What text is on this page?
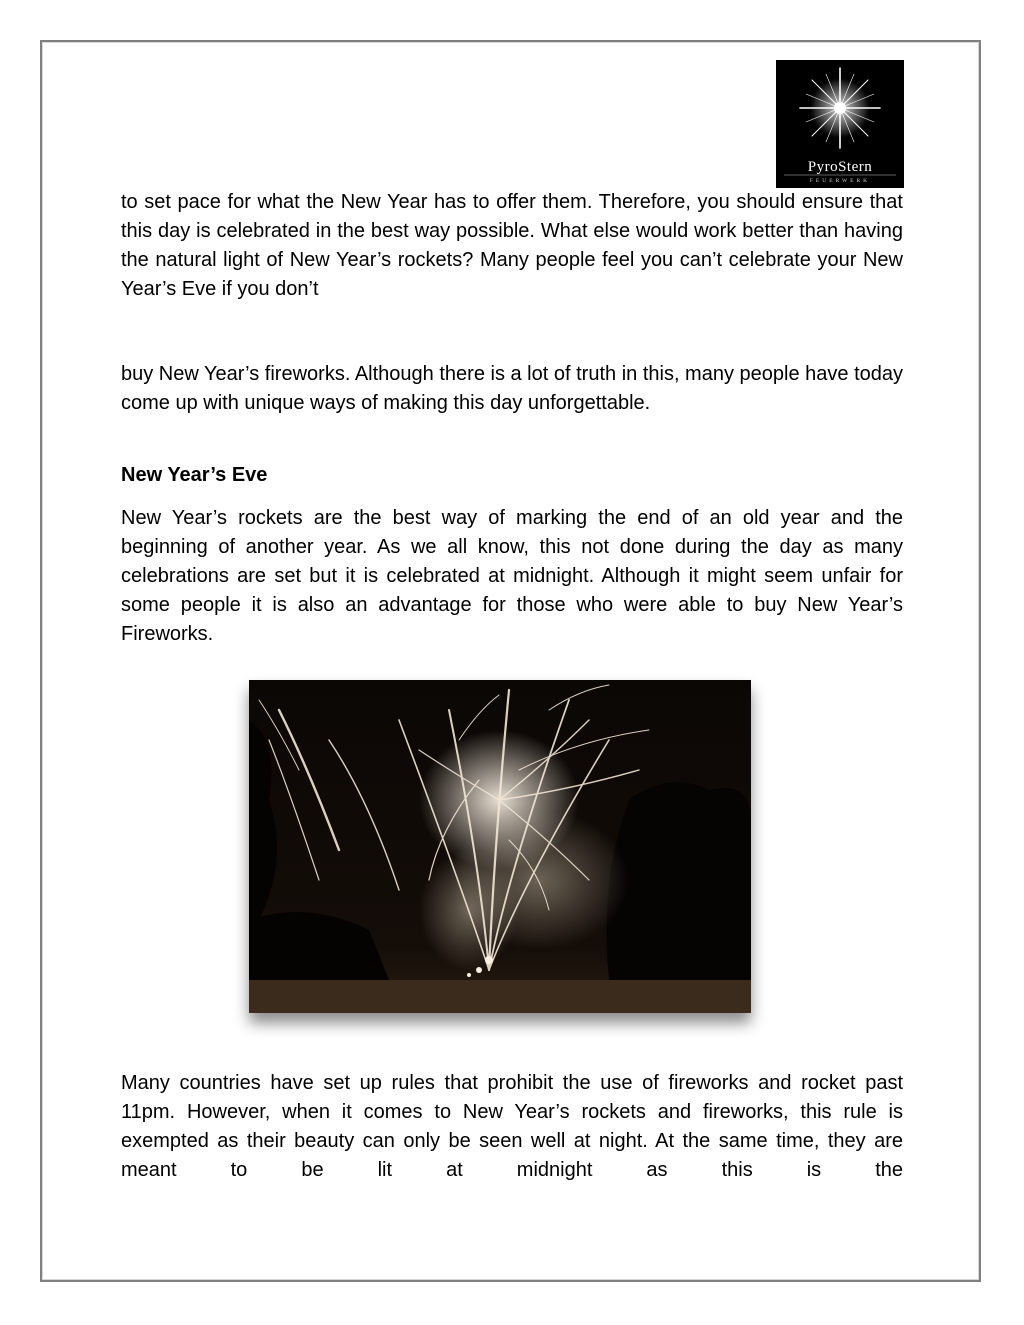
PyroStern
FEUERWERK

to set pace for what the New Year has to offer them. Therefore, you should ensure that this day is celebrated in the best way possible. What else would work better than having the natural light of New Year’s rockets? Many people feel you can’t celebrate your New Year’s Eve if you don’t

buy New Year’s fireworks. Although there is a lot of truth in this, many people have today come up with unique ways of making this day unforgettable.

New Year’s Eve

New Year’s rockets are the best way of marking the end of an old year and the beginning of another year. As we all know, this not done during the day as many celebrations are set but it is celebrated at midnight. Although it might seem unfair for some people it is also an advantage for those who were able to buy New Year’s Fireworks.

Many countries have set up rules that prohibit the use of fireworks and rocket past 11pm. However, when it comes to New Year’s rockets and fireworks, this rule is exempted as their beauty can only be seen well at night. At the same time, they are meant to be lit at midnight as this is the
